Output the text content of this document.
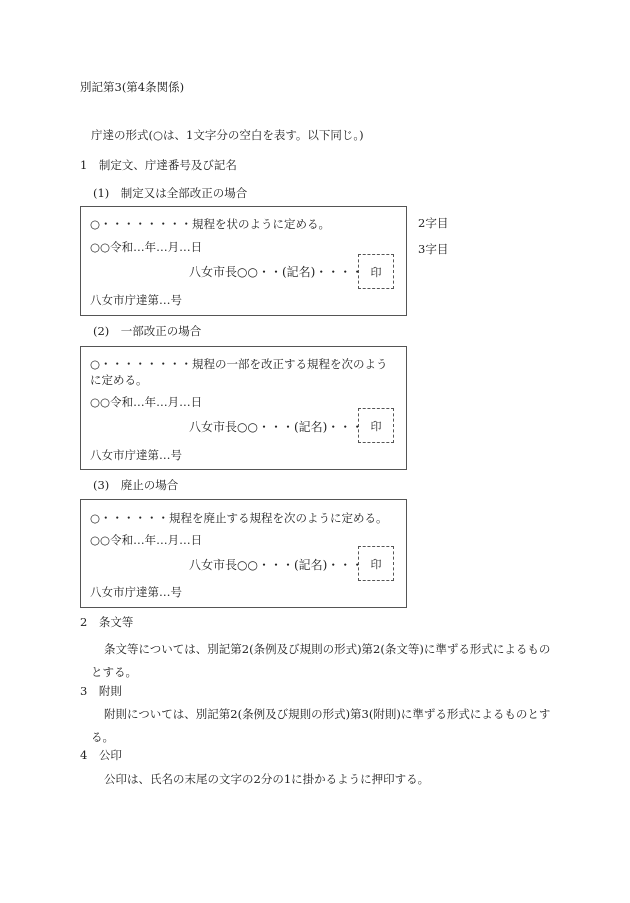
別記第3(第4条関係)
庁達の形式(○は、1文字分の空白を表す。以下同じ。)
1　制定文、庁達番号及び記名
(1)　制定又は全部改正の場合
○・・・・・・・・規程を状のように定める。
○○令和…年…月…日
八女市長○○・・(記名)・・・・ 印
八女市庁達第…号
2字目
3字目
(2)　一部改正の場合
○・・・・・・・・規程の一部を改正する規程を次のように定める。
○○令和…年…月…日
八女市長○○・・・(記名)・・・ 印
八女市庁達第…号
(3)　廃止の場合
○・・・・・・規程を廃止する規程を次のように定める。
○○令和…年…月…日
八女市長○○・・・(記名)・・・ 印
八女市庁達第…号
2　条文等
条文等については、別記第2(条例及び規則の形式)第2(条文等)に準ずる形式によるものとする。
3　附則
附則については、別記第2(条例及び規則の形式)第3(附則)に準ずる形式によるものとする。
4　公印
公印は、氏名の末尾の文字の2分の1に掛かるように押印する。
